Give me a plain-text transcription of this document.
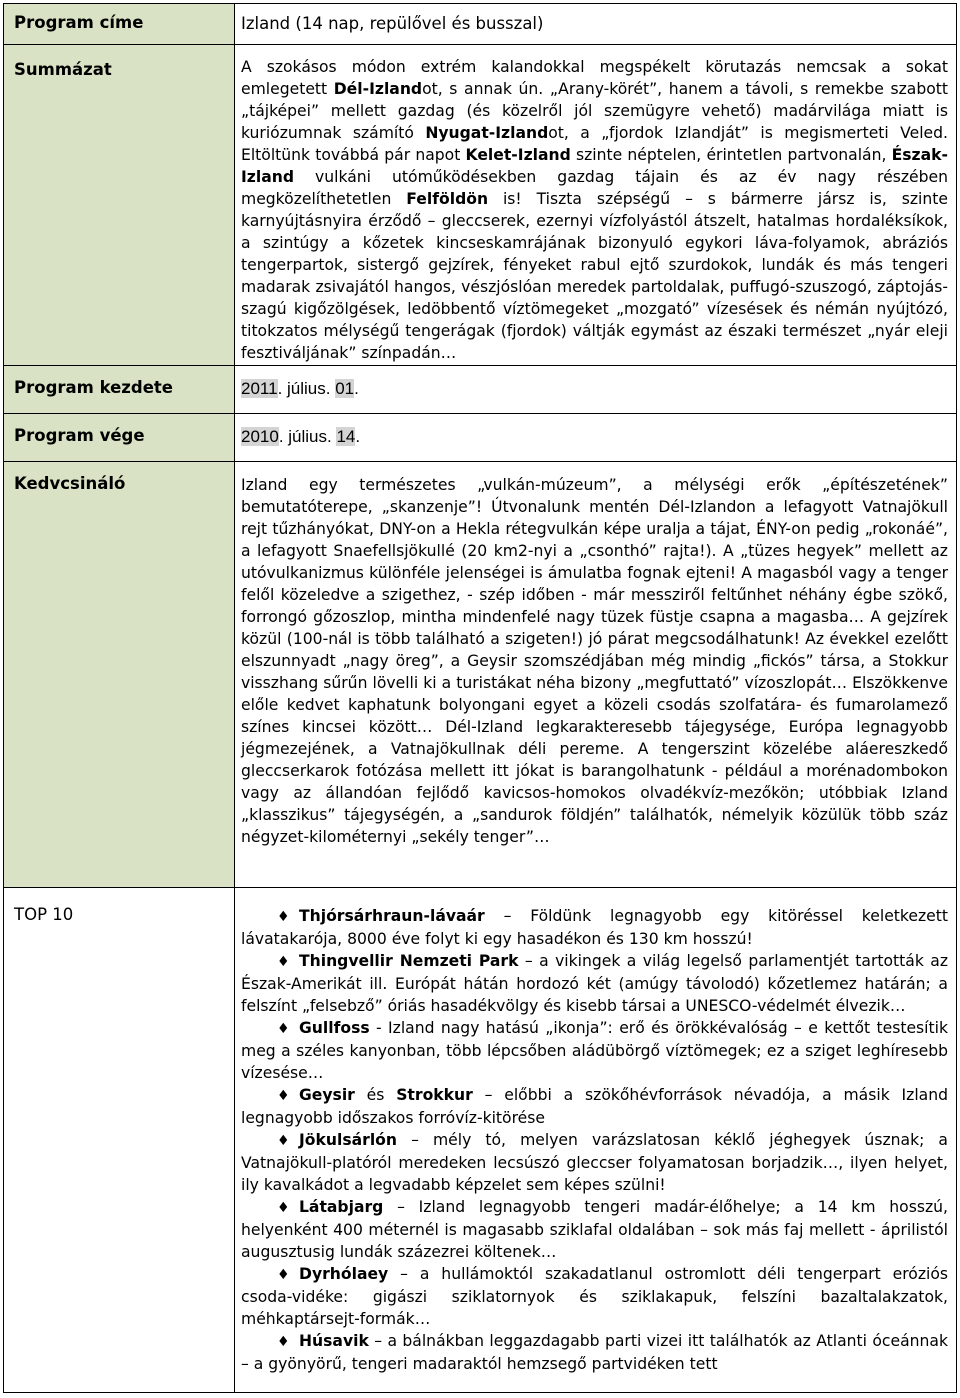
Program címe	Izland (14 nap, repülővel és busszal)
Summázat	A szokásos módon extrém kalandokkal megspékelt körutazás nemcsak a sokat emlegetett Dél-Izlandot, s annak ún. „Arany-körét”, hanem a távoli, s remekbe szabott „tájképei” mellett gazdag (és közelről jól szemügyre vehető) madárvilága miatt is kuriózumnak számító Nyugat-Izlandot, a „fjordok Izlandját” is megismerteti Veled. Eltöltünk továbbá pár napot Kelet-Izland szinte néptelen, érintetlen partvonalán, Észak-Izland vulkáni utóműködésekben gazdag tájain és az év nagy részében megközelíthetetlen Felföldön is! Tiszta szépségű – s bármerre jársz is, szinte karnyújtásnyira érződő – gleccserek, ezernyi vízfolyástól átszelt, hatalmas hordaléksíkok, a szintúgy a kőzetek kincseskamrájának bizonyuló egykori láva-folyamok, abráziós tengerpartok, sistergő gejzírek, fényeket rabul ejtő szurdokok, lundák és más tengeri madarak zsivajától hangos, vészjóslóan meredek partoldalak, puffugó-szuszogó, záptojás-szagú kigőzölgések, ledöbbentő víztömegeket „mozgató” vízesések és némán nyújtózó, titokzatos mélységű tengerágak (fjordok) váltják egymást az északi természet „nyár eleji fesztiváljának” színpadán…
Program kezdete	2011. július. 01.
Program vége	2010. július. 14.
Kedvcsináló	Izland egy természetes „vulkán-múzeum”, a mélységi erők „építészetének” bemutatóterepe, „skanzenje”! Útvonalunk mentén Dél-Izlandon a lefagyott Vatnajökull rejt tűzhányókat, DNY-on a Hekla rétegvulkán képe uralja a tájat, ÉNY-on pedig „rokonáé”, a lefagyott Snaefellsjökullé (20 km2-nyi a „csonthó” rajta!). A „tüzes hegyek” mellett az utóvulkanizmus különféle jelenségei is ámulatba fognak ejteni! A magasból vagy a tenger felől közeledve a szigethez, - szép időben - már messziről feltűnhet néhány égbe szökő, forrongó gőzoszlop, mintha mindenfelé nagy tüzek füstje csapna a magasba… A gejzírek közül (100-nál is több található a szigeten!) jó párat megcsodálhatunk! Az évekkel ezelőtt elszunnyadt „nagy öreg”, a Geysir szomszédjában még mindig „fickós” társa, a Stokkur visszhang sűrűn lövelli ki a turistákat néha bizony „megfuttató” vízoszlopát… Elszökkenve előle kedvet kaphatunk bolyongani egyet a közeli csodás szolfatára- és fumarolamező színes kincsei között… Dél-Izland legkarakteresebb tájegysége, Európa legnagyobb jégmezejének, a Vatnajökullnak déli pereme. A tengerszint közelébe aláereszkedő gleccserkarok fotózása mellett itt jókat is barangolhatunk - például a morénadombokon vagy az állandóan fejlődő kavicsos-homokos olvadékvíz-mezőkön; utóbbiak Izland „klasszikus” tájegységén, a „sandurok földjén” találhatók, némelyik közülük több száz négyzet-kilométernyi „sekély tenger”…
TOP 10	♦ Thjórsárhraun-lávaár – Földünk legnagyobb egy kitöréssel keletkezett lávatakarója, 8000 éve folyt ki egy hasadékon és 130 km hosszú!

♦ Thingvellir Nemzeti Park – a vikingek a világ legelső parlamentjét tartották az Észak-Amerikát ill. Európát hátán hordozó két (amúgy távolodó) kőzetlemez határán; a felszínt „felsebző” óriás hasadékvölgy és kisebb társai a UNESCO-védelmét élvezik…

♦ Gullfoss - Izland nagy hatású „ikonja”: erő és örökkévalóság – e kettőt testesítik meg a széles kanyonban, több lépcsőben aládübörgő víztömegek; ez a sziget leghíresebb vízesése…

♦ Geysir és Strokkur – előbbi a szökőhévforrások névadója, a másik Izland legnagyobb időszakos forróvíz-kitörése

♦ Jökulsárlón – mély tó, melyen varázslatosan kéklő jéghegyek úsznak; a Vatnajökull-platóról meredeken lecsúszó gleccser folyamatosan borjadzik…, ilyen helyet, ily kavalkádot a legvadabb képzelet sem képes szülni!

♦ Látabjarg – Izland legnagyobb tengeri madár-élőhelye; a 14 km hosszú, helyenként 400 méternél is magasabb sziklafal oldalában – sok más faj mellett - áprilistól augusztusig lundák százezrei költenek…

♦ Dyrhólaey – a hullámoktól szakadatlanul ostromlott déli tengerpart eróziós csoda-vidéke: gigászi sziklatornyok és sziklakapuk, felszíni bazaltalakzatok, méhkaptársejt-formák…

♦ Húsavik – a bálnákban leggazdagabb parti vizei itt találhatók az Atlanti óceánnak – a gyönyörű, tengeri madaraktól hemzsegő partvidéken tett
